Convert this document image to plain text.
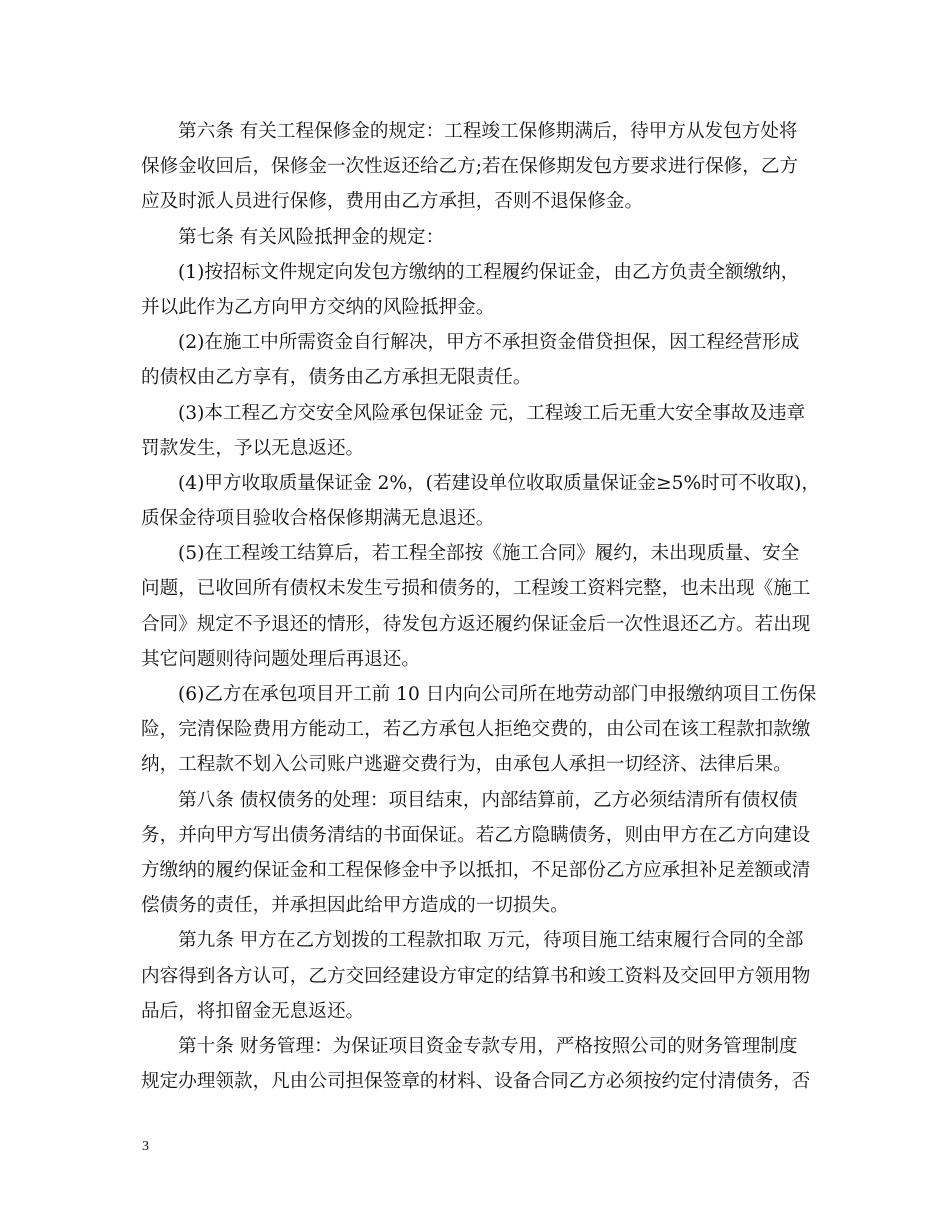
第六条 有关工程保修金的规定：工程竣工保修期满后，待甲方从发包方处将
保修金收回后，保修金一次性返还给乙方;若在保修期发包方要求进行保修，乙方
应及时派人员进行保修，费用由乙方承担，否则不退保修金。
第七条 有关风险抵押金的规定：
(1)按招标文件规定向发包方缴纳的工程履约保证金，由乙方负责全额缴纳，
并以此作为乙方向甲方交纳的风险抵押金。
(2)在施工中所需资金自行解决，甲方不承担资金借贷担保，因工程经营形成
的债权由乙方享有，债务由乙方承担无限责任。
(3)本工程乙方交安全风险承包保证金 元，工程竣工后无重大安全事故及违章
罚款发生，予以无息返还。
(4)甲方收取质量保证金 2%，(若建设单位收取质量保证金≥5%时可不收取)，
质保金待项目验收合格保修期满无息退还。
(5)在工程竣工结算后，若工程全部按《施工合同》履约，未出现质量、安全
问题，已收回所有债权未发生亏损和债务的，工程竣工资料完整，也未出现《施工
合同》规定不予退还的情形，待发包方返还履约保证金后一次性退还乙方。若出现
其它问题则待问题处理后再退还。
(6)乙方在承包项目开工前 10 日内向公司所在地劳动部门申报缴纳项目工伤保
险，完清保险费用方能动工，若乙方承包人拒绝交费的，由公司在该工程款扣款缴
纳，工程款不划入公司账户逃避交费行为，由承包人承担一切经济、法律后果。
第八条 债权债务的处理：项目结束，内部结算前，乙方必须结清所有债权债
务，并向甲方写出债务清结的书面保证。若乙方隐瞒债务，则由甲方在乙方向建设
方缴纳的履约保证金和工程保修金中予以抵扣，不足部份乙方应承担补足差额或清
偿债务的责任，并承担因此给甲方造成的一切损失。
第九条 甲方在乙方划拨的工程款扣取 万元，待项目施工结束履行合同的全部
内容得到各方认可，乙方交回经建设方审定的结算书和竣工资料及交回甲方领用物
品后，将扣留金无息返还。
第十条 财务管理：为保证项目资金专款专用，严格按照公司的财务管理制度
规定办理领款，凡由公司担保签章的材料、设备合同乙方必须按约定付清债务，否
3
